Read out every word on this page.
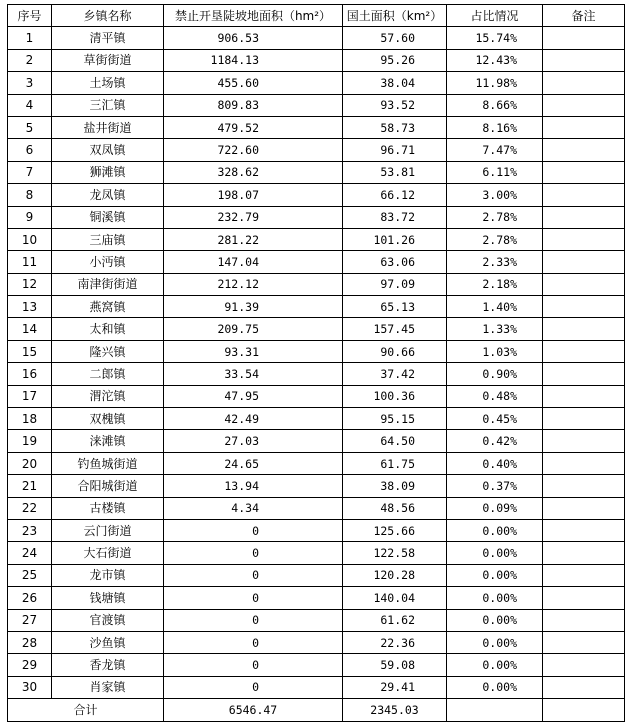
序号	乡镇名称	禁止开垦陡坡地面积（hm²）	国土面积（km²）	占比情况	备注
1	清平镇	906.53	57.60	15.74%	
2	草街街道	1184.13	95.26	12.43%	
3	土场镇	455.60	38.04	11.98%	
4	三汇镇	809.83	93.52	8.66%	
5	盐井街道	479.52	58.73	8.16%	
6	双凤镇	722.60	96.71	7.47%	
7	狮滩镇	328.62	53.81	6.11%	
8	龙凤镇	198.07	66.12	3.00%	
9	铜溪镇	232.79	83.72	2.78%	
10	三庙镇	281.22	101.26	2.78%	
11	小沔镇	147.04	63.06	2.33%	
12	南津街街道	212.12	97.09	2.18%	
13	燕窝镇	91.39	65.13	1.40%	
14	太和镇	209.75	157.45	1.33%	
15	隆兴镇	93.31	90.66	1.03%	
16	二郎镇	33.54	37.42	0.90%	
17	渭沱镇	47.95	100.36	0.48%	
18	双槐镇	42.49	95.15	0.45%	
19	涞滩镇	27.03	64.50	0.42%	
20	钓鱼城街道	24.65	61.75	0.40%	
21	合阳城街道	13.94	38.09	0.37%	
22	古楼镇	4.34	48.56	0.09%	
23	云门街道	0	125.66	0.00%	
24	大石街道	0	122.58	0.00%	
25	龙市镇	0	120.28	0.00%	
26	钱塘镇	0	140.04	0.00%	
27	官渡镇	0	61.62	0.00%	
28	沙鱼镇	0	22.36	0.00%	
29	香龙镇	0	59.08	0.00%	
30	肖家镇	0	29.41	0.00%	
合计		6546.47	2345.03		
